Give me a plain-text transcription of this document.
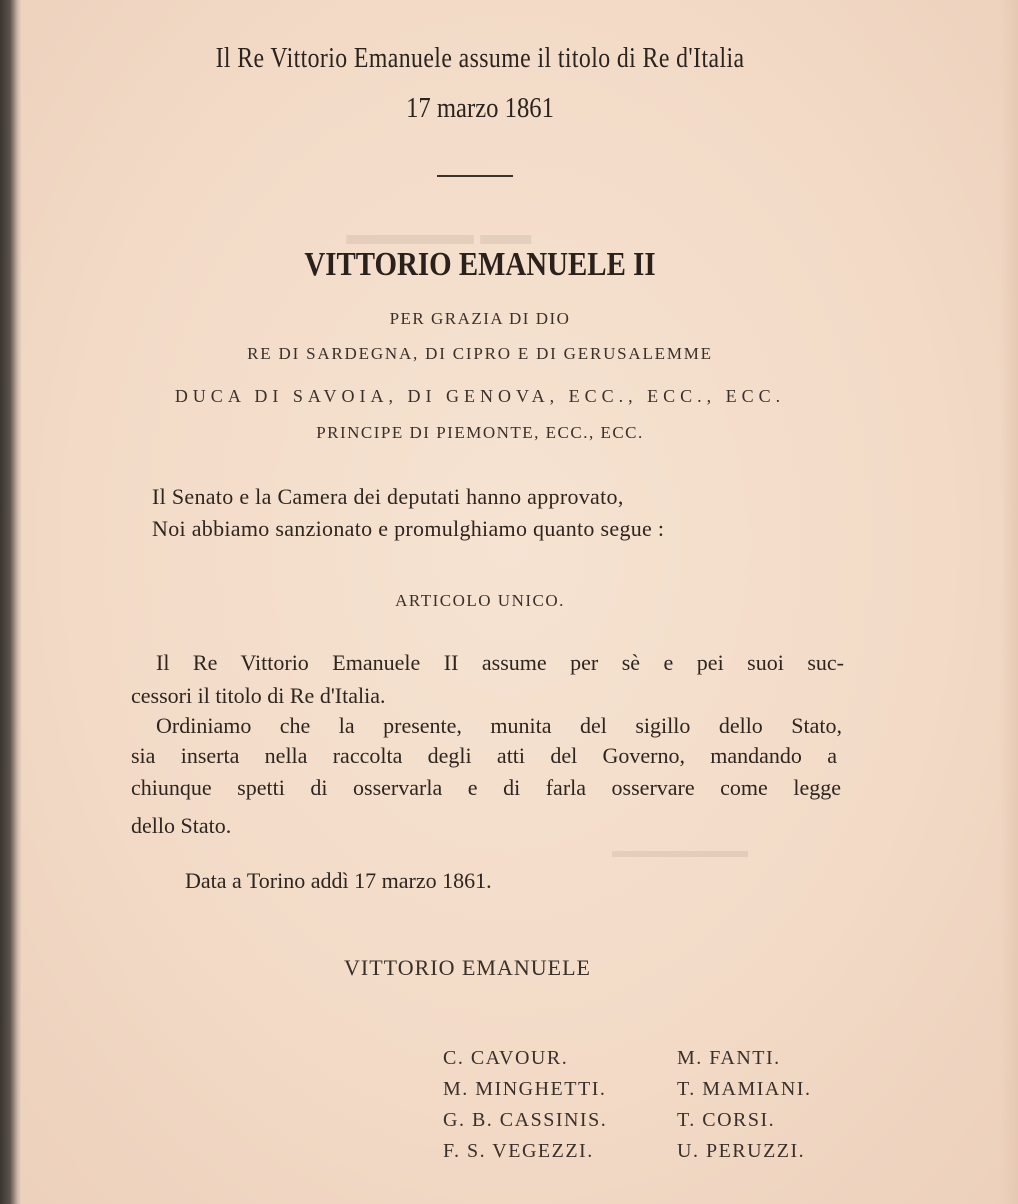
▬▬▬▬▬ ▬▬
▬▬▬▬▬▬▬▬
Il Re Vittorio Emanuele assume il titolo di Re d'Italia
17 marzo 1861
VITTORIO EMANUELE II
PER GRAZIA DI DIO
RE DI SARDEGNA, DI CIPRO E DI GERUSALEMME
DUCA DI SAVOIA, DI GENOVA, ECC., ECC., ECC.
PRINCIPE DI PIEMONTE, ECC., ECC.
Il Senato e la Camera dei deputati hanno approvato,
Noi abbiamo sanzionato e promulghiamo quanto segue :
ARTICOLO UNICO.
Il Re Vittorio Emanuele II assume per sè e pei suoi suc-
cessori il titolo di Re d'Italia.
Ordiniamo che la presente, munita del sigillo dello Stato,
sia inserta nella raccolta degli atti del Governo, mandando a
chiunque spetti di osservarla e di farla osservare come legge
dello Stato.
Data a Torino addì 17 marzo 1861.
VITTORIO EMANUELE
C. CAVOUR.
M. MINGHETTI.
G. B. CASSINIS.
F. S. VEGEZZI.
M. FANTI.
T. MAMIANI.
T. CORSI.
U. PERUZZI.
